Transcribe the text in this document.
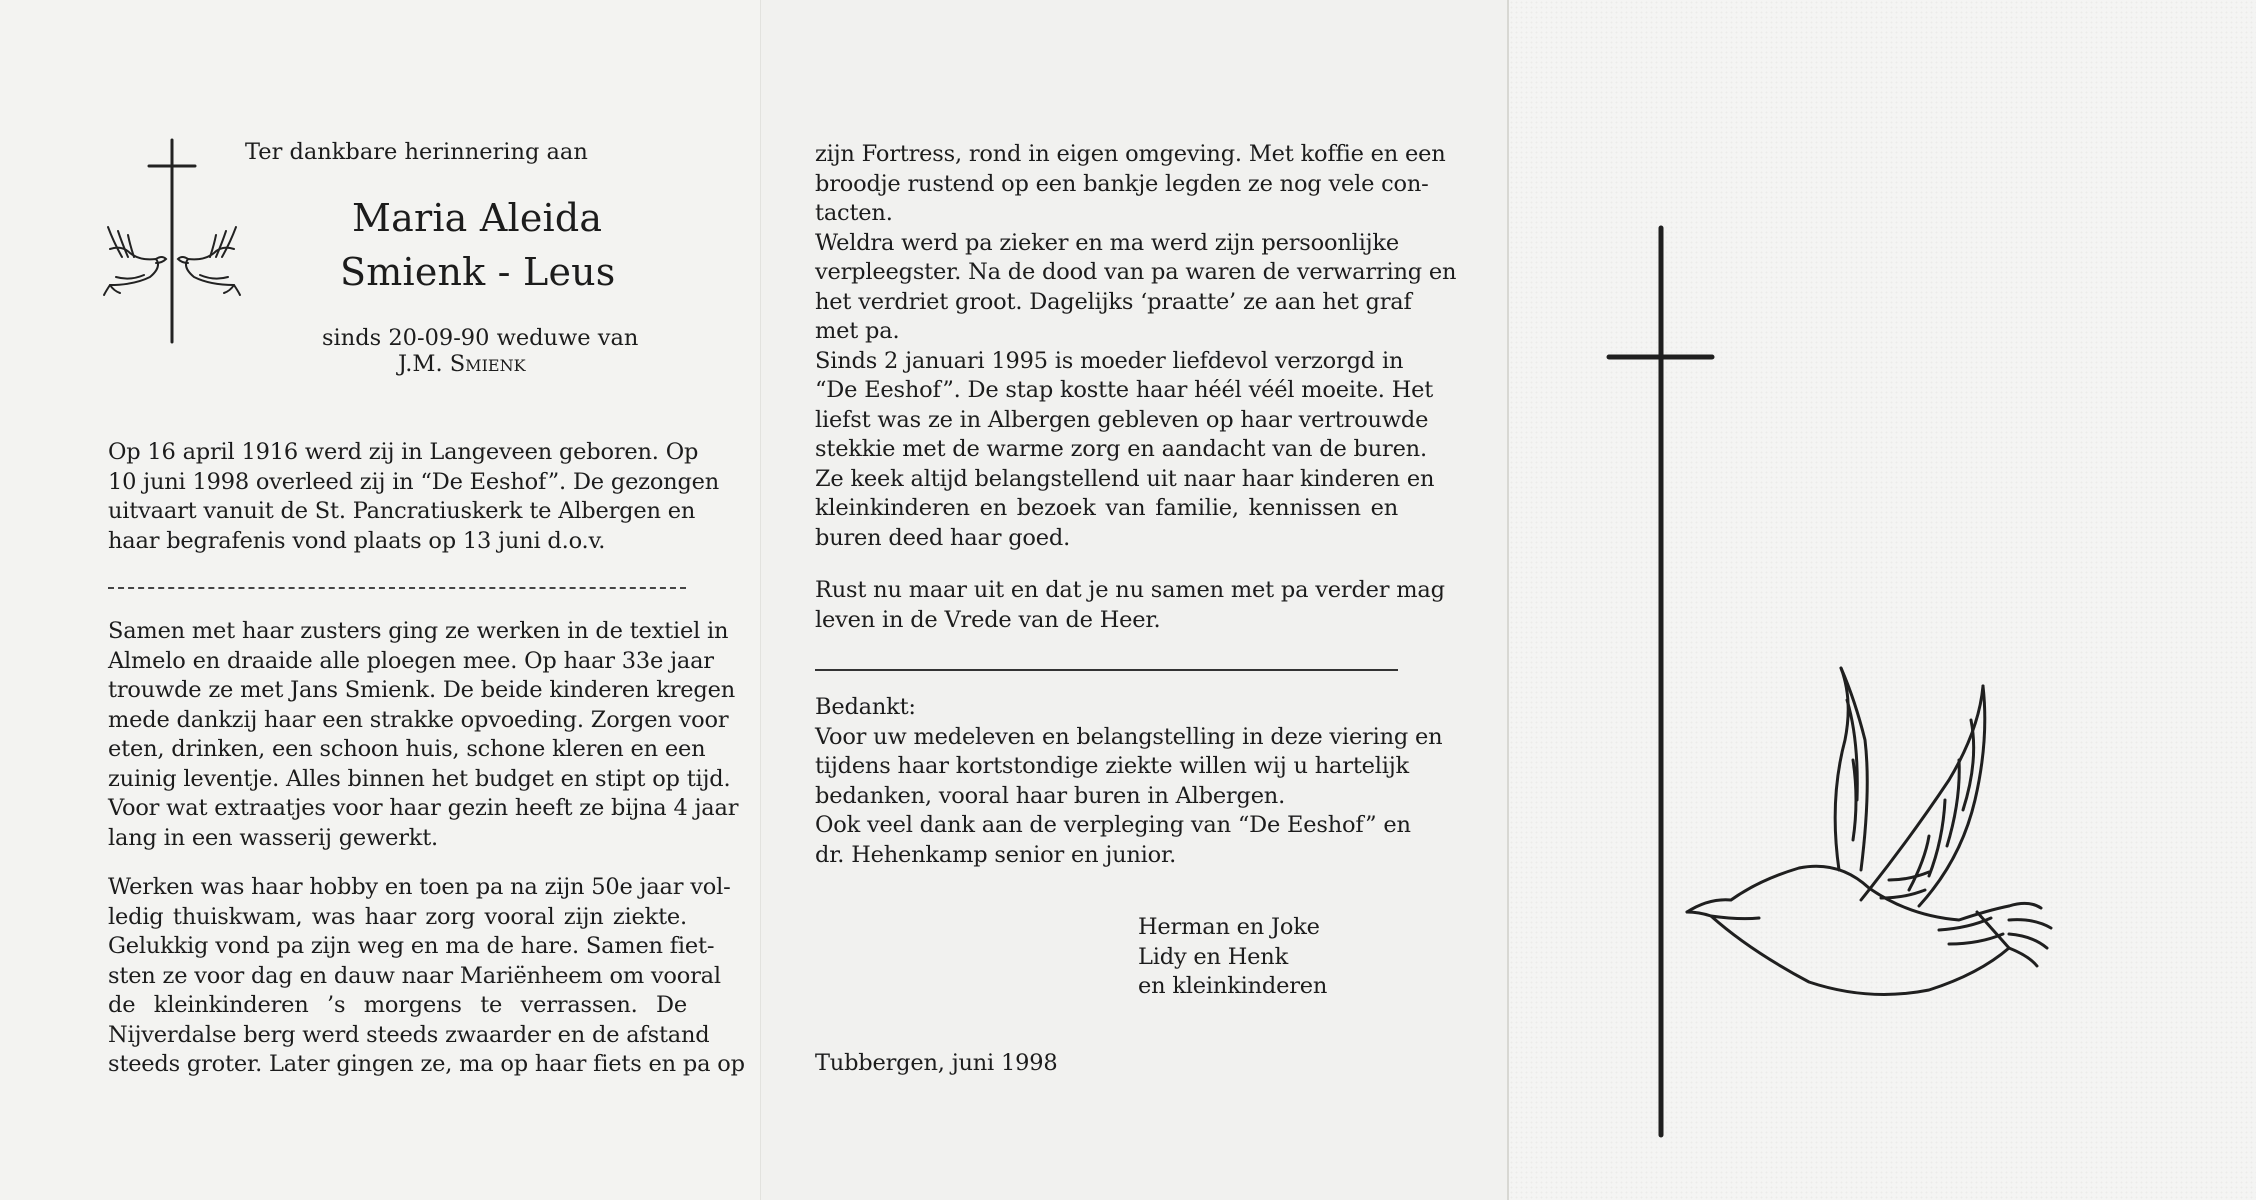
Ter dankbare herinnering aan
Maria Aleida
Smienk - Leus
sinds 20-09-90 weduwe van
J.M. Smienk
Op 16 april 1916 werd zij in Langeveen geboren. Op
10 juni 1998 overleed zij in “De Eeshof”. De gezongen
uitvaart vanuit de St. Pancratiuskerk te Albergen en
haar begrafenis vond plaats op 13 juni d.o.v.
Samen met haar zusters ging ze werken in de textiel in
Almelo en draaide alle ploegen mee. Op haar 33e jaar
trouwde ze met Jans Smienk. De beide kinderen kregen
mede dankzij haar een strakke opvoeding. Zorgen voor
eten, drinken, een schoon huis, schone kleren en een
zuinig leventje. Alles binnen het budget en stipt op tijd.
Voor wat extraatjes voor haar gezin heeft ze bijna 4 jaar
lang in een wasserij gewerkt.
Werken was haar hobby en toen pa na zijn 50e jaar vol-
ledig thuiskwam, was haar zorg vooral zijn ziekte.
Gelukkig vond pa zijn weg en ma de hare. Samen fiet-
sten ze voor dag en dauw naar Mariënheem om vooral
de kleinkinderen ’s morgens te verrassen. De
Nijverdalse berg werd steeds zwaarder en de afstand
steeds groter. Later gingen ze, ma op haar fiets en pa op
zijn Fortress, rond in eigen omgeving. Met koffie en een
broodje rustend op een bankje legden ze nog vele con-
tacten.
Weldra werd pa zieker en ma werd zijn persoonlijke
verpleegster. Na de dood van pa waren de verwarring en
het verdriet groot. Dagelijks ‘praatte’ ze aan het graf
met pa.
Sinds 2 januari 1995 is moeder liefdevol verzorgd in
“De Eeshof”. De stap kostte haar héél véél moeite. Het
liefst was ze in Albergen gebleven op haar vertrouwde
stekkie met de warme zorg en aandacht van de buren.
Ze keek altijd belangstellend uit naar haar kinderen en
kleinkinderen en bezoek van familie, kennissen en
buren deed haar goed.
Rust nu maar uit en dat je nu samen met pa verder mag
leven in de Vrede van de Heer.
Bedankt:
Voor uw medeleven en belangstelling in deze viering en
tijdens haar kortstondige ziekte willen wij u hartelijk
bedanken, vooral haar buren in Albergen.
Ook veel dank aan de verpleging van “De Eeshof” en
dr. Hehenkamp senior en junior.
Herman en Joke
Lidy en Henk
en kleinkinderen
Tubbergen, juni 1998
